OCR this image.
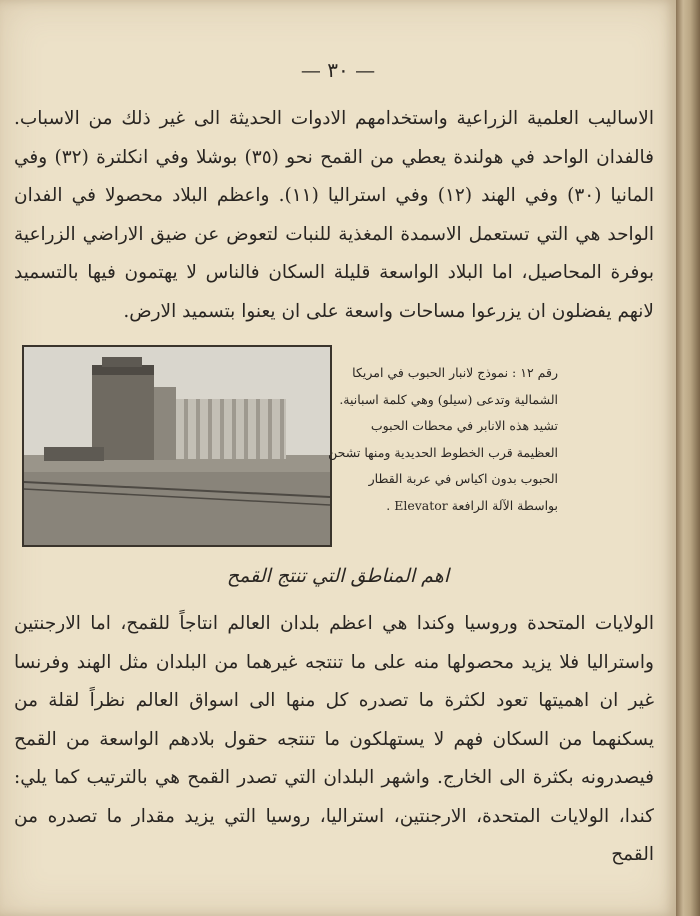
— ٣٠ —

الاساليب العلمية الزراعية واستخدامهم الادوات الحديثة الى غير ذلك من الاسباب. فالفدان الواحد في هولندة يعطي من القمح نحو (٣٥) بوشلا وفي انكلترة (٣٢) وفي المانيا (٣٠) وفي الهند (١٢) وفي استراليا (١١). واعظم البلاد محصولا في الفدان الواحد هي التي تستعمل الاسمدة المغذية للنبات لتعوض عن ضيق الاراضي الزراعية بوفرة المحاصيل، اما البلاد الواسعة قليلة السكان فالناس لا يهتمون فيها بالتسميد لانهم يفضلون ان يزرعوا مساحات واسعة على ان يعنوا بتسميد الارض.

رقم ١٢ : نموذج لانبار الحبوب في امريكا الشمالية وتدعى (سيلو) وهي كلمة اسبانية. تشيد هذه الانابر في محطات الحبوب العظيمة قرب الخطوط الحديدية ومنها تشحن الحبوب بدون اكياس في عربة القطار بواسطة الآلة الرافعة Elevator .

اهم المناطق التي تنتج القمح

الولايات المتحدة وروسيا وكندا هي اعظم بلدان العالم انتاجاً للقمح، اما الارجنتين واستراليا فلا يزيد محصولها منه على ما تنتجه غيرهما من البلدان مثل الهند وفرنسا غير ان اهميتها تعود لكثرة ما تصدره كل منها الى اسواق العالم نظراً لقلة من يسكنهما من السكان فهم لا يستهلكون ما تنتجه حقول بلادهم الواسعة من القمح فيصدرونه بكثرة الى الخارج. واشهر البلدان التي تصدر القمح هي بالترتيب كما يلي: كندا، الولايات المتحدة، الارجنتين، استراليا، روسيا التي يزيد مقدار ما تصدره من القمح
